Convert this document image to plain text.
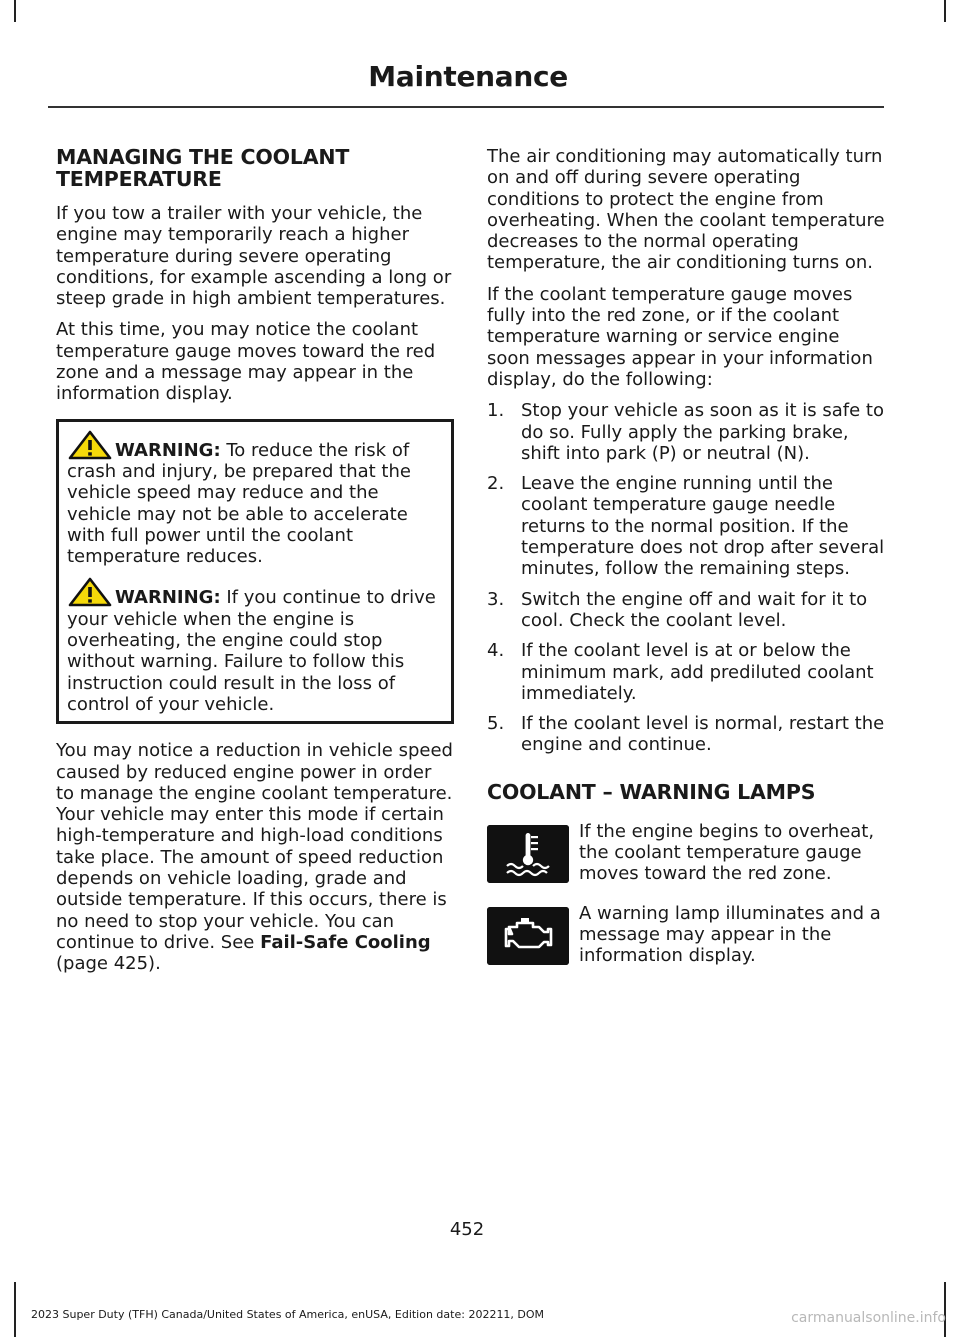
Maintenance
MANAGING THE COOLANT TEMPERATURE

If you tow a trailer with your vehicle, the engine may temporarily reach a higher temperature during severe operating conditions, for example ascending a long or steep grade in high ambient temperatures.

At this time, you may notice the coolant temperature gauge moves toward the red zone and a message may appear in the information display.

WARNING: To reduce the risk of crash and injury, be prepared that the vehicle speed may reduce and the vehicle may not be able to accelerate with full power until the coolant temperature reduces.

WARNING: If you continue to drive your vehicle when the engine is overheating, the engine could stop without warning. Failure to follow this instruction could result in the loss of control of your vehicle.

You may notice a reduction in vehicle speed caused by reduced engine power in order to manage the engine coolant temperature. Your vehicle may enter this mode if certain high-temperature and high-load conditions take place. The amount of speed reduction depends on vehicle loading, grade and outside temperature. If this occurs, there is no need to stop your vehicle. You can continue to drive. See Fail-Safe Cooling (page 425).

The air conditioning may automatically turn on and off during severe operating conditions to protect the engine from overheating. When the coolant temperature decreases to the normal operating temperature, the air conditioning turns on.

If the coolant temperature gauge moves fully into the red zone, or if the coolant temperature warning or service engine soon messages appear in your information display, do the following:

1. Stop your vehicle as soon as it is safe to do so. Fully apply the parking brake, shift into park (P) or neutral (N).
2. Leave the engine running until the coolant temperature gauge needle returns to the normal position. If the temperature does not drop after several minutes, follow the remaining steps.
3. Switch the engine off and wait for it to cool. Check the coolant level.
4. If the coolant level is at or below the minimum mark, add prediluted coolant immediately.
5. If the coolant level is normal, restart the engine and continue.
COOLANT – WARNING LAMPS
If the engine begins to overheat, the coolant temperature gauge moves toward the red zone.
A warning lamp illuminates and a message may appear in the information display.
452
2023 Super Duty (TFH) Canada/United States of America, enUSA, Edition date: 202211, DOM	carmanualsonline.info
